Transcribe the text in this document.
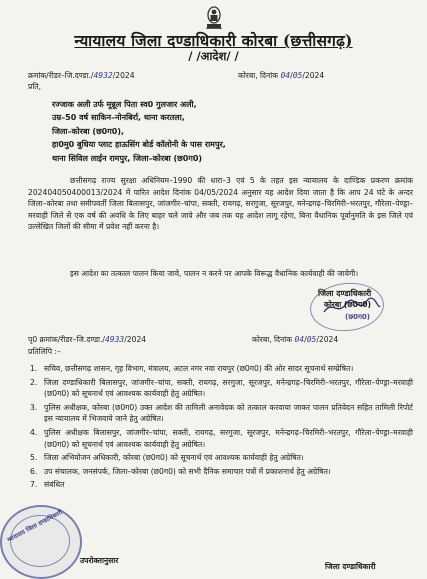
न्यायालय जिला दण्डाधिकारी कोरबा (छत्तीसगढ़)
/ /आदेश/ /
क्रमांक/रीडर–जि.दण्डा./4932/2024	कोरबा, दिनांक 04/05/2024
प्रति,
रज्जाक अली उर्फ मून्नूल पिता स्व0 गुलजार अली,
उम्र–50 वर्ष साकिन–नोनबिर्रा, थाना करतला,
जिला–कोरबा (छ0ग0),
हा0मु0 बुधिया प्लाट हाऊसिंग बोर्ड कॉलोनी के पास रामपुर,
थाना सिविल लाईन रामपुर, जिला–कोरबा (छ0ग0)
छत्तीसगढ़ राज्य सुरक्षा अधिनियम–1990 की धारा–3 एवं 5 के तहत इस न्यायालय के दाण्डिक प्रकरण क्रमांक 202404050400013/2024 में पारित आदेश दिनांक 04/05/2024 अनुसार यह आदेश दिया जाता है कि आप 24 घंटे के अन्दर जिला–कोरबा तथा समीपवर्ती जिला बिलासपुर, जांजगीर–चांपा, सक्ती, रायगढ़, सरगुजा, सूरजपुर, मनेन्द्रगढ़–चिरमिरी–भरतपुर, गौरेला–पेण्ड्रा–मरवाही जिले सेे एक वर्ष की अवधि के लिए बाहर चले जावे और जब तक यह आदेश लागू रहेगा, बिना वैधानिक पूर्वानुमति के इस जिले एवं उल्लेखित जिलों की सीमा में प्रवेश नहीं करना है।
इस आदेश का तत्काल पालन किया जावे, पालन न करने पर आपके विरूद्ध वैधानिक कार्यवाही की जावेगी।
जिला दण्डाधिकारी
कोरबा (छ0ग0)
(छ0ग0)
पृ0 क्रमांक/रीडर–जि.दण्डा./4933/2024	कोरबा, दिनांक 04/05/2024
प्रतिलिपि :–
1. सचिव, छत्तीसगढ़ शासन, गृह विभाग, मंत्रालय, अटल नगर नवा रायपुर (छ0ग0) की ओर सादर सूचनार्थ सम्प्रेषित।
2. जिला दण्डाधिकारी बिलासपुर, जांजगीर–चांपा, सक्ती, रायगढ़, सरगुजा, सूरजपुर, मनेन्द्रगढ़–चिरमिरी–भरतपुर, गौरेला–पेण्ड्रा–मरवाही (छ0ग0) को सूचनार्थ एवं आवश्यक कार्यवाही हेतु अग्रेषित।
3. पुलिस अधीक्षक, कोरबा (छ0ग0) उक्त आदेश की तामिली अनावेदक को तत्काल करवाया जाकर पालन प्रतिवेदन सहित तामिली रिपोर्ट इस न्यायालय में भिजवाये जाने हेतु अग्रेषित।
4. पुलिस अधीक्षक बिलासपुर, जांजगीर–चांपा, सक्ती, रायगढ़, सरगुजा, सूरजपुर, मनेन्द्रगढ़–चिरमिरी–भरतपुर, गौरेला–पेण्ड्रा–मरवाही (छ0ग0) को सूचनार्थ एवं आवश्यक कार्यवाही हेतु अग्रेषित।
5. जिला अभियोजन अधिकारी, कोरबा (छ0ग0) को सूचनार्थ एवं आवश्यक कार्यवाही हेतु अग्रेषित।
6. उप संचालक, जनसंपर्क, जिला–कोरबा (छ0ग0) को सभी दैनिक समाचार पत्रों में प्रकाशनार्थ हेतु अग्रेषित।
7. संबंधित
न्यायालय जिला दण्डाधिकारी
उपरोक्तानुसार
जिला दण्डाधिकारी
